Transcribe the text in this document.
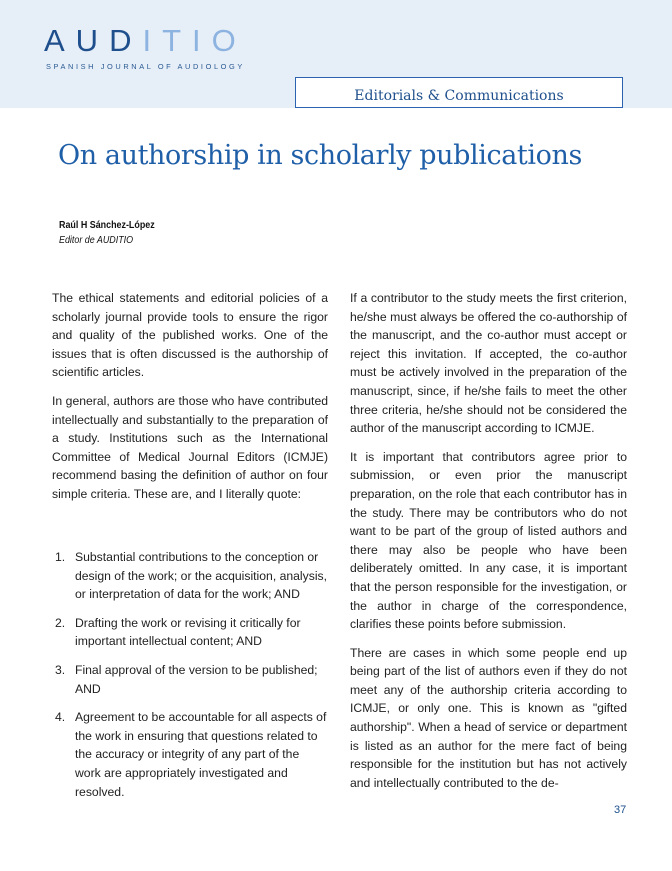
AUDITIO
SPANISH JOURNAL OF AUDIOLOGY
Editorials & Communications
On authorship in scholarly publications
Raúl H Sánchez-López
Editor de AUDITIO

The ethical statements and editorial policies of a scholarly journal provide tools to ensure the rigor and quality of the published works. One of the issues that is often discussed is the authorship of scientific articles.

In general, authors are those who have contributed intellectually and substantially to the preparation of a study. Institutions such as the International Committee of Medical Journal Editors (ICMJE) recommend basing the definition of author on four simple criteria. These are, and I literally quote:

1. Substantial contributions to the conception or design of the work; or the acquisition, analysis, or interpretation of data for the work; AND
2. Drafting the work or revising it critically for important intellectual content; AND
3. Final approval of the version to be published; AND
4. Agreement to be accountable for all aspects of the work in ensuring that questions related to the accuracy or integrity of any part of the work are appropriately investigated and resolved.

If a contributor to the study meets the first criterion, he/she must always be offered the co-authorship of the manuscript, and the co-author must accept or reject this invitation. If accepted, the co-author must be actively involved in the preparation of the manuscript, since, if he/she fails to meet the other three criteria, he/she should not be considered the author of the manuscript according to ICMJE.

It is important that contributors agree prior to submission, or even prior the manuscript preparation, on the role that each contributor has in the study. There may be contributors who do not want to be part of the group of listed authors and there may also be people who have been deliberately omitted. In any case, it is important that the person responsible for the investigation, or the author in charge of the correspondence, clarifies these points before submission.

There are cases in which some people end up being part of the list of authors even if they do not meet any of the authorship criteria according to ICMJE, or only one. This is known as "gifted authorship". When a head of service or department is listed as an author for the mere fact of being responsible for the institution but has not actively and intellectually contributed to the de-

37
